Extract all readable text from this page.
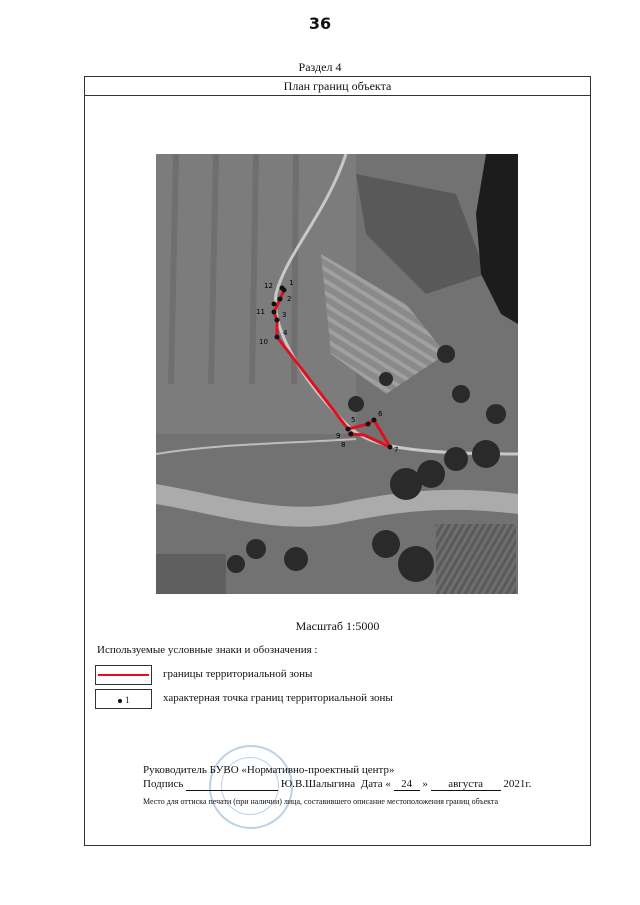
36
Раздел 4
План границ объекта
1
2
3
4
5
6
7
8
9
10
11
12
Масштаб 1:5000
Используемые условные знаки и обозначения :
границы территориальной зоны
1	характерная точка границ территориальной зоны
Руководитель БУВО «Нормативно-проектный центр»
Подпись	Ю.В.Шалыгина Дата « 24 » августа 2021г.
Место для оттиска печати (при наличии) лица, составившего описание местоположения границ объекта
